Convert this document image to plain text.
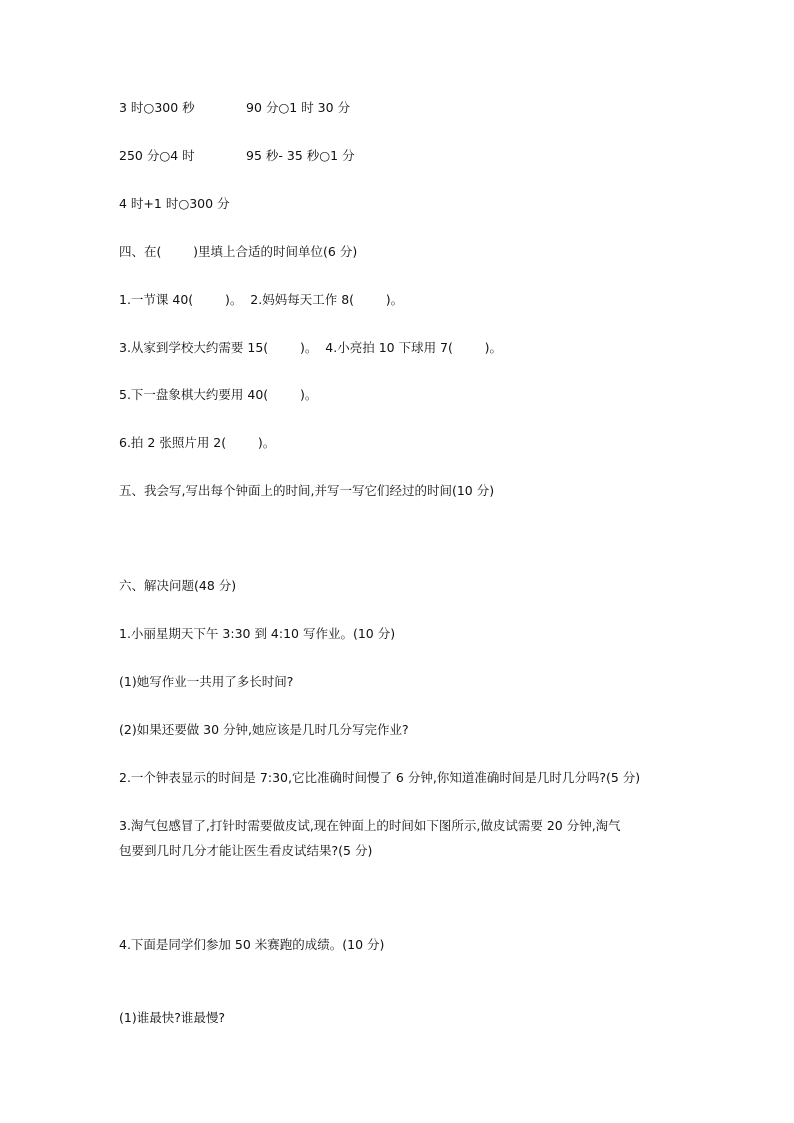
3 时○300 秒	90 分○1 时 30 分
250 分○4 时	95 秒- 35 秒○1 分
4 时+1 时○300 分
四、在(        )里填上合适的时间单位(6 分)
1.一节课 40(        )。  2.妈妈每天工作 8(        )。
3.从家到学校大约需要 15(        )。  4.小亮拍 10 下球用 7(        )。
5.下一盘象棋大约要用 40(        )。
6.拍 2 张照片用 2(        )。
五、我会写,写出每个钟面上的时间,并写一写它们经过的时间(10 分)
六、解决问题(48 分)
1.小丽星期天下午 3:30 到 4:10 写作业。(10 分)
(1)她写作业一共用了多长时间?
(2)如果还要做 30 分钟,她应该是几时几分写完作业?
2.一个钟表显示的时间是 7:30,它比准确时间慢了 6 分钟,你知道准确时间是几时几分吗?(5 分)
3.淘气包感冒了,打针时需要做皮试,现在钟面上的时间如下图所示,做皮试需要 20 分钟,淘气
包要到几时几分才能让医生看皮试结果?(5 分)
4.下面是同学们参加 50 米赛跑的成绩。(10 分)
(1)谁最快?谁最慢?
